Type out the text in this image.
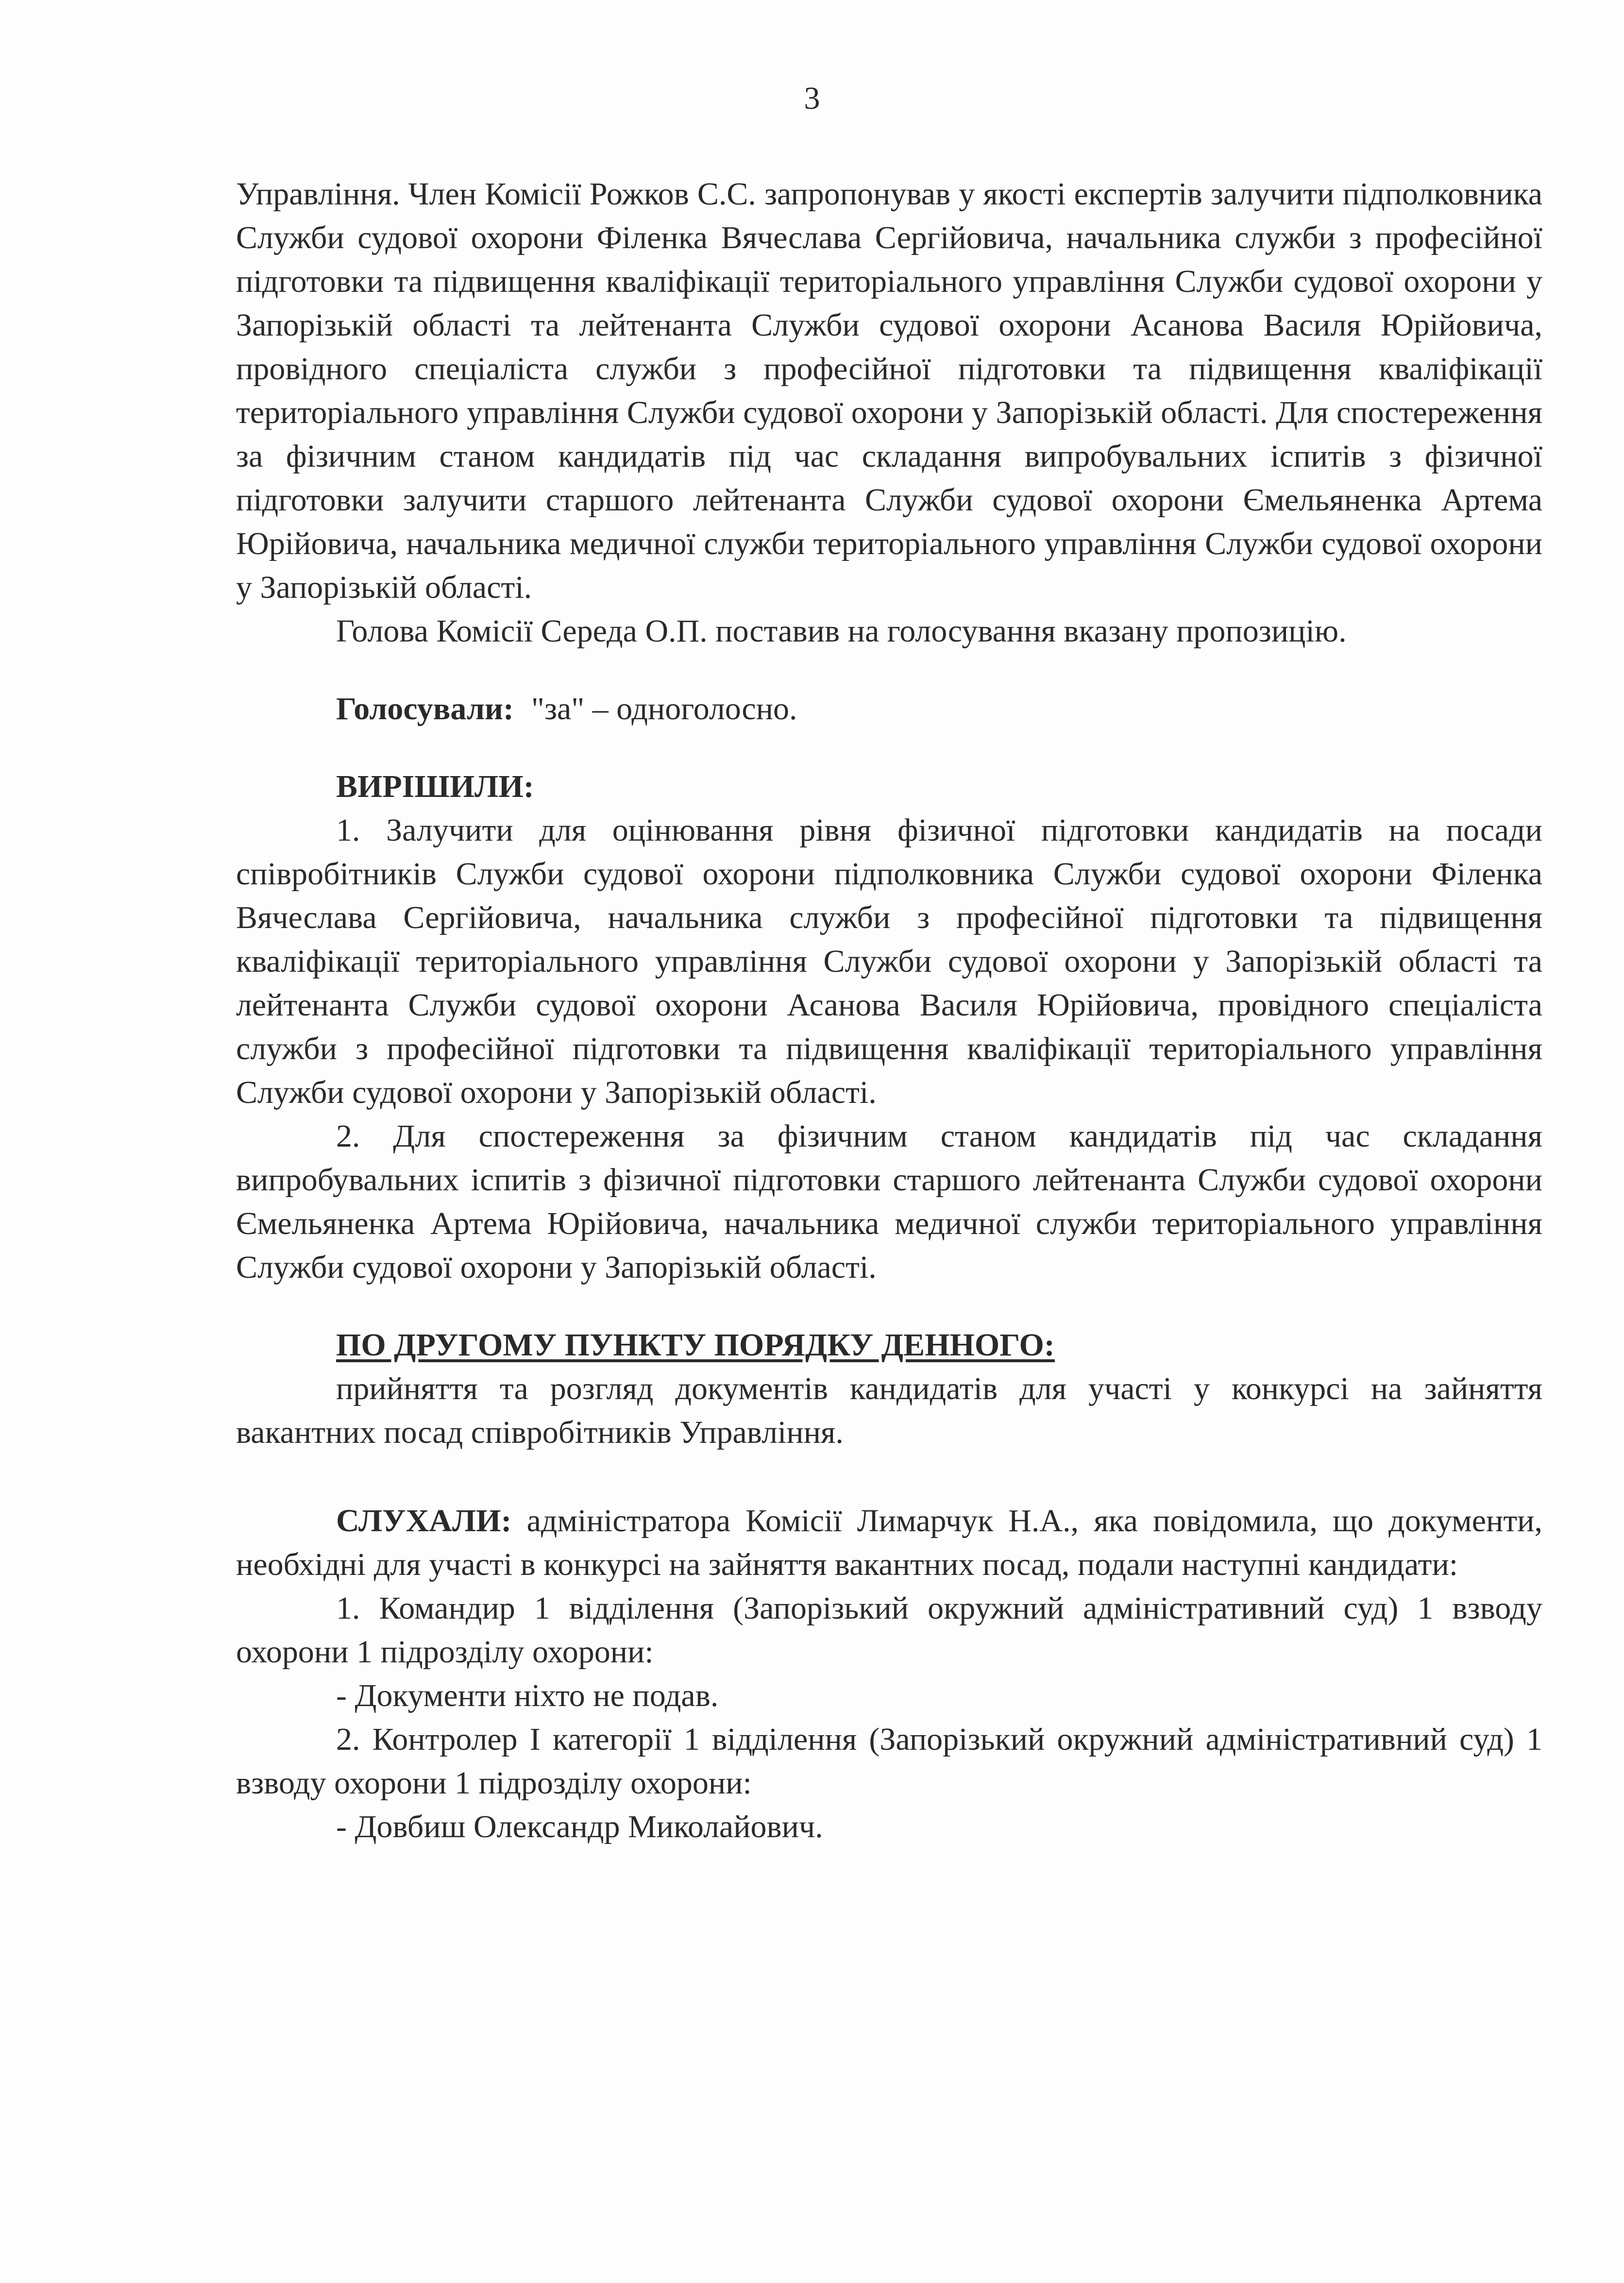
3

Управління. Член Комісії Рожков С.С. запропонував у якості експертів залучити підполковника Служби судової охорони Філенка Вячеслава Сергійовича, начальника служби з професійної підготовки та підвищення кваліфікації територіального управління Служби судової охорони у Запорізькій області та лейтенанта Служби судової охорони Асанова Василя Юрійовича, провідного спеціаліста служби з професійної підготовки та підвищення кваліфікації територіального управління Служби судової охорони у Запорізькій області. Для спостереження за фізичним станом кандидатів під час складання випробувальних іспитів з фізичної підготовки залучити старшого лейтенанта Служби судової охорони Ємельяненка Артема Юрійовича, начальника медичної служби територіального управління Служби судової охорони у Запорізькій області.

Голова Комісії Середа О.П. поставив на голосування вказану пропозицію.

Голосували: "за" – одноголосно.

ВИРІШИЛИ:

1. Залучити для оцінювання рівня фізичної підготовки кандидатів на посади співробітників Служби судової охорони підполковника Служби судової охорони Філенка Вячеслава Сергійовича, начальника служби з професійної підготовки та підвищення кваліфікації територіального управління Служби судової охорони у Запорізькій області та лейтенанта Служби судової охорони Асанова Василя Юрійовича, провідного спеціаліста служби з професійної підготовки та підвищення кваліфікації територіального управління Служби судової охорони у Запорізькій області.

2. Для спостереження за фізичним станом кандидатів під час складання випробувальних іспитів з фізичної підготовки старшого лейтенанта Служби судової охорони Ємельяненка Артема Юрійовича, начальника медичної служби територіального управління Служби судової охорони у Запорізькій області.

ПО ДРУГОМУ ПУНКТУ ПОРЯДКУ ДЕННОГО:

прийняття та розгляд документів кандидатів для участі у конкурсі на зайняття вакантних посад співробітників Управління.

СЛУХАЛИ: адміністратора Комісії Лимарчук Н.А., яка повідомила, що документи, необхідні для участі в конкурсі на зайняття вакантних посад, подали наступні кандидати:

1. Командир 1 відділення (Запорізький окружний адміністративний суд) 1 взводу охорони 1 підрозділу охорони:

- Документи ніхто не подав.

2. Контролер І категорії 1 відділення (Запорізький окружний адміністративний суд) 1 взводу охорони 1 підрозділу охорони:

- Довбиш Олександр Миколайович.
